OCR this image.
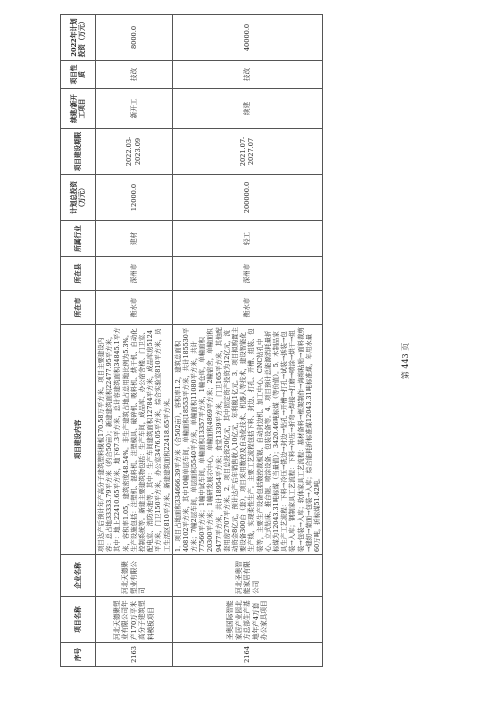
序号	项目名称	企业名称	项目建设内容	所在市	所在县	所属行业	计划总投资（万元）	项目建设期限	续建/新开工项目	项目性质	2022年计划投资（万元）
2163	河北天德聚塑业有限公司年产170万平米高分子建筑塑料模板项目	河北天德聚塑业有限公司	项目达产后预计年产高分子建筑塑料模板170.58万平方米。项目主要建设内容：总占地33333.79平方米（约合50亩）；新建建筑面积22477.95平方米，其中：地上22410.65平方米，地下67.3平方米，总计容建筑面积34845.1平方米，容积率1.05，建筑密度48.54%。非生产建筑占地占总用地比例为5.3%。生产设施包括：注塑机、混料机、注塑模具、破碎机、吸料机、烘干机、自动化控制系统等。新建主要建筑物包括：生产车间，成品库、办公宿舍楼、门卫室、配电室、消防水池等，其中：生产车间建筑面积12784平方米，成品库房5124平方米，门卫150平方米，办公室3476.05平方米，综合实验室810平方米，员工生活区810平方米。新建建筑面积22418.65平方米。	衡水市	深州市	建材	12000.0	2022.03-2023.09	新开工	技改	8000.0
2164	圣奥国际智能家居产业园北方总部生产基地年产4万套办公家具项目	河北圣奥智能家居有限公司	1．项目占地面积334666.39平方米（合502亩），容积率1.2，建筑总面积408102平方米，其中10幢单层车间，单幢面积18553平方米，共计185530平方米；7幢2层车间，单层面积5540平方米，单幢面积11080平方米，共计77560平方米；1幢中试车间，单幢面积13357平方米，1幢仓库，单幢面积20300平方米；1幢研发展示中心，单幢面积4869平方米；2幢宿舍，单幢面积9477平方米，共计18954平方米；食堂1339平方米，门卫165平方米，其他配套用房2707平方米。2．项目总投资20亿元，其中固定资产投资为12亿元，流动资金8亿元，预计达产后年销售收入10亿元，年利税1亿元。3．项目拟购置主要设备300台（套），项目采用数控及自动化技术、机器人等技术，建设智能化生产线，实现柔性生产。主要工艺流程包括下料、封边、打孔、开槽、组装、包装等，主要生产设备包括数控裁板锯、自动封边机、加工中心、CNC钻孔中心、立式钻床、推台锯、喷涂设备、包装设备等。4．项目预计总能源消耗量折标煤为12043.31吨标煤（当量值）；3420.46吨标煤（等价值）。5．木制品家具生产工艺流程：下料→冷压→铣边→封边→钻孔→开槽→打孔→试装→拆装→包装→入库；钢制家具工艺流程：下料→冲压→折弯→焊接→打磨→喷涂→烘干→组装→包装→入库；软体家具工艺流程：基材备料→框架制作→海绵粘贴→面料裁剪→缝纫→蒙面→包装→入库；综合能耗折标准煤12043.31吨标准煤，年用水量60万吨，折标煤51.42吨。	衡水市	深州市	轻工	200000.0	2021.07-2027.07	续建	技改	40000.0
第 443 页
